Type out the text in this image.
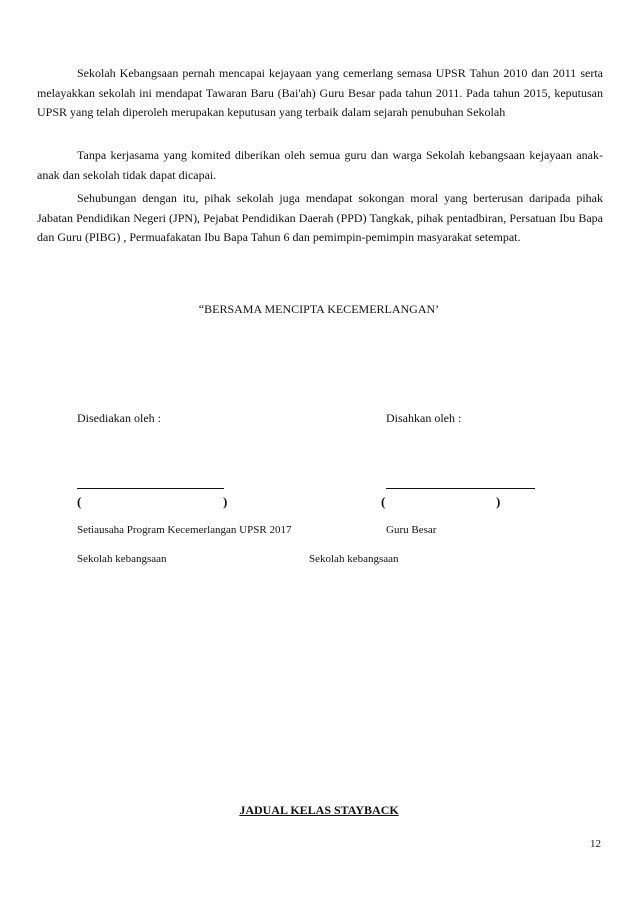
Sekolah Kebangsaan pernah mencapai kejayaan yang cemerlang semasa UPSR Tahun 2010 dan 2011 serta melayakkan sekolah ini mendapat Tawaran Baru (Bai'ah) Guru Besar pada tahun 2011. Pada tahun 2015, keputusan UPSR yang telah diperoleh merupakan keputusan yang terbaik dalam sejarah penubuhan Sekolah

Tanpa kerjasama yang komited diberikan oleh semua guru dan warga Sekolah kebangsaan kejayaan anak-anak dan sekolah tidak dapat dicapai.

Sehubungan dengan itu, pihak sekolah juga mendapat sokongan moral yang berterusan daripada pihak Jabatan Pendidikan Negeri (JPN), Pejabat Pendidikan Daerah (PPD) Tangkak, pihak pentadbiran, Persatuan Ibu Bapa dan Guru (PIBG) , Permuafakatan Ibu Bapa Tahun 6 dan pemimpin-pemimpin masyarakat setempat.

“BERSAMA MENCIPTA KECEMERLANGAN’

Disediakan oleh :

(	)

Setiausaha Program Kecemerlangan UPSR 2017

Sekolah kebangsaan

Disahkan oleh :

(	)

Guru Besar

Sekolah kebangsaan

JADUAL KELAS STAYBACK

12
